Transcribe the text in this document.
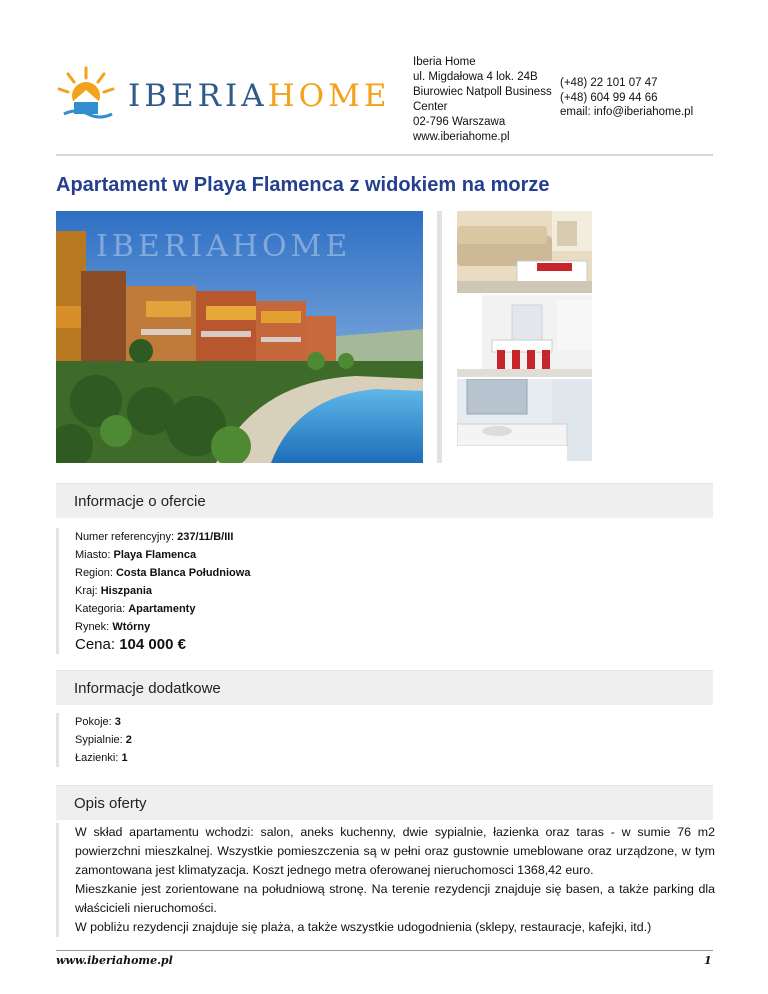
IBERIAHOME
Iberia Home
ul. Migdałowa 4 lok. 24B
Biurowiec Natpoll Business
Center
02-796 Warszawa
www.iberiahome.pl
(+48) 22 101 07 47
(+48) 604 99 44 66
email: info@iberiahome.pl
Apartament w Playa Flamenca z widokiem na morze
IBERIAHOME
Informacje o ofercie
Numer referencyjny: 237/11/B/III
Miasto: Playa Flamenca
Region: Costa Blanca Południowa
Kraj: Hiszpania
Kategoria: Apartamenty
Rynek: Wtórny
Cena: 104 000 €
Informacje dodatkowe
Pokoje: 3
Sypialnie: 2
Łazienki: 1
Opis oferty

W skład apartamentu wchodzi: salon, aneks kuchenny, dwie sypialnie, łazienka oraz taras - w sumie 76 m2 powierzchni mieszkalnej. Wszystkie pomieszczenia są w pełni oraz gustownie umeblowane oraz urządzone, w tym zamontowana jest klimatyzacja. Koszt jednego metra oferowanej nieruchomosci 1368,42 euro.

Mieszkanie jest zorientowane na południową stronę. Na terenie rezydencji znajduje się basen, a także parking dla właścicieli nieruchomości.

W pobliżu rezydencji znajduje się plaża, a także wszystkie udogodnienia (sklepy, restauracje, kafejki, itd.)

www.iberiahome.pl	1
